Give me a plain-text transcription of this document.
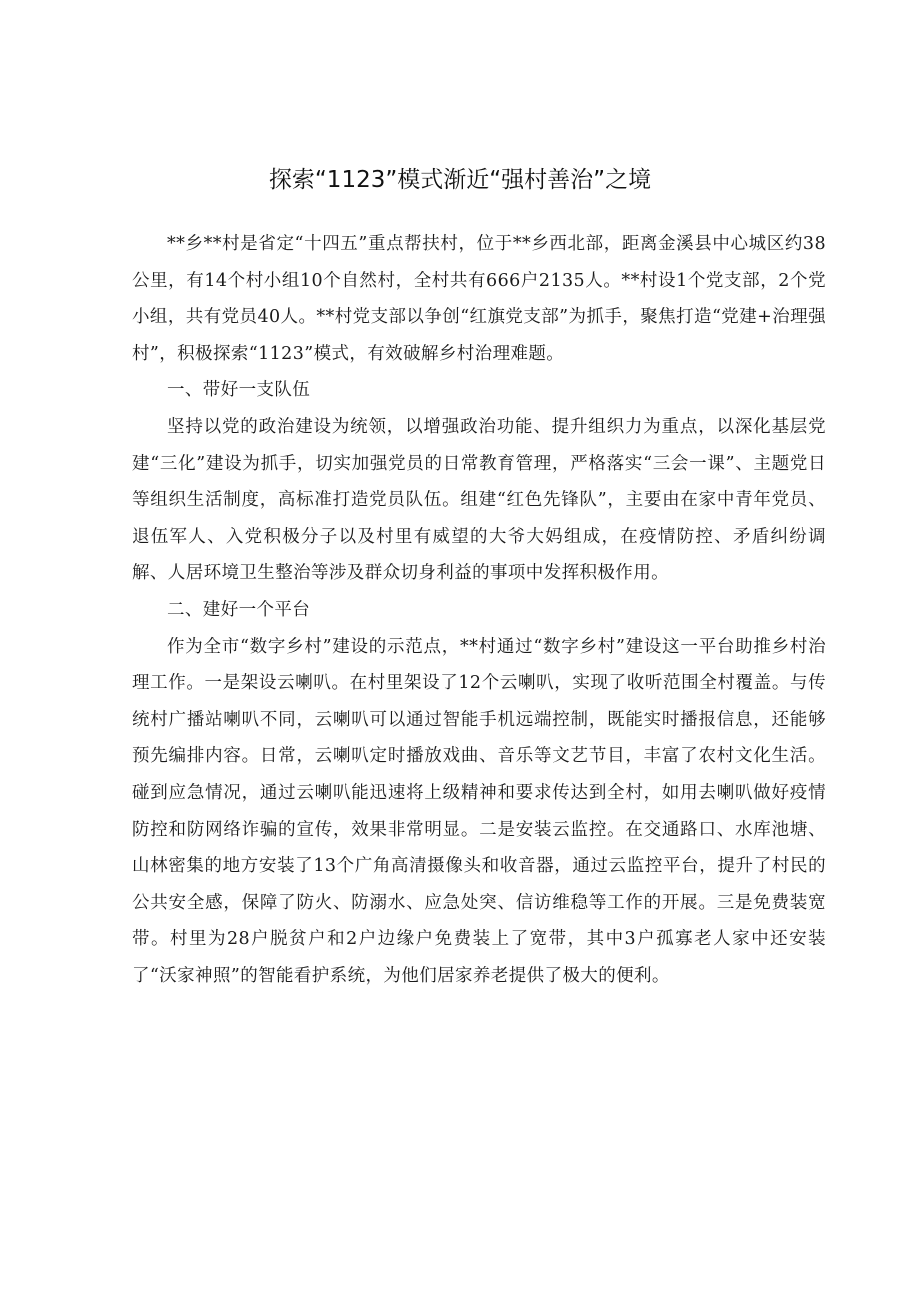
探索“1123”模式渐近“强村善治”之境

**乡**村是省定“十四五”重点帮扶村，位于**乡西北部，距离金溪县中心城区约38公里，有14个村小组10个自然村，全村共有666户2135人。**村设1个党支部，2个党小组，共有党员40人。**村党支部以争创“红旗党支部”为抓手，聚焦打造“党建+治理强村”，积极探索“1123”模式，有效破解乡村治理难题。

一、带好一支队伍

坚持以党的政治建设为统领，以增强政治功能、提升组织力为重点，以深化基层党建“三化”建设为抓手，切实加强党员的日常教育管理，严格落实“三会一课”、主题党日等组织生活制度，高标准打造党员队伍。组建“红色先锋队”，主要由在家中青年党员、退伍军人、入党积极分子以及村里有威望的大爷大妈组成，在疫情防控、矛盾纠纷调解、人居环境卫生整治等涉及群众切身利益的事项中发挥积极作用。

二、建好一个平台

作为全市“数字乡村”建设的示范点，**村通过“数字乡村”建设这一平台助推乡村治理工作。一是架设云喇叭。在村里架设了12个云喇叭，实现了收听范围全村覆盖。与传统村广播站喇叭不同，云喇叭可以通过智能手机远端控制，既能实时播报信息，还能够预先编排内容。日常，云喇叭定时播放戏曲、音乐等文艺节目，丰富了农村文化生活。碰到应急情况，通过云喇叭能迅速将上级精神和要求传达到全村，如用去喇叭做好疫情防控和防网络诈骗的宣传，效果非常明显。二是安装云监控。在交通路口、水库池塘、山林密集的地方安装了13个广角高清摄像头和收音器，通过云监控平台，提升了村民的公共安全感，保障了防火、防溺水、应急处突、信访维稳等工作的开展。三是免费装宽带。村里为28户脱贫户和2户边缘户免费装上了宽带，其中3户孤寡老人家中还安装了“沃家神照”的智能看护系统，为他们居家养老提供了极大的便利。
